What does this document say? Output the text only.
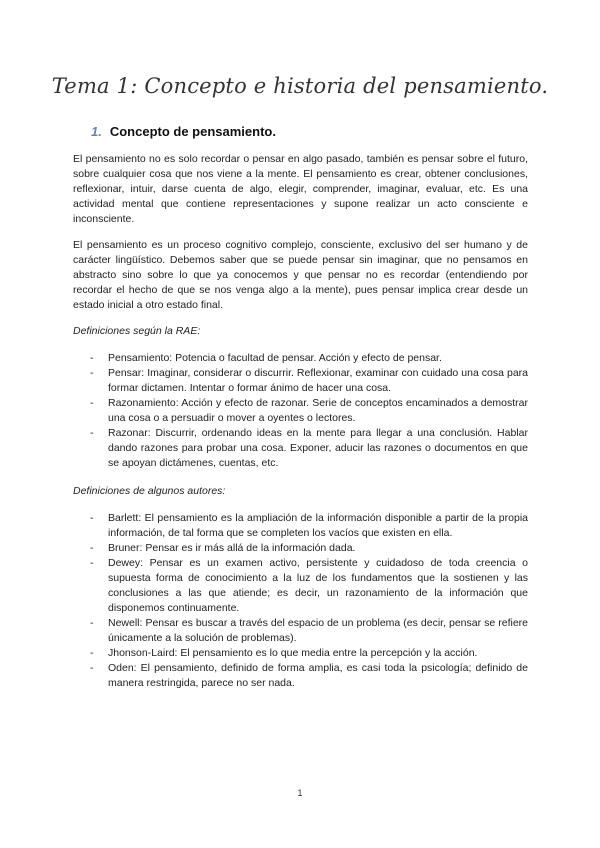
Tema 1: Concepto e historia del pensamiento.
1. Concepto de pensamiento.

El pensamiento no es solo recordar o pensar en algo pasado, también es pensar sobre el futuro, sobre cualquier cosa que nos viene a la mente. El pensamiento es crear, obtener conclusiones, reflexionar, intuir, darse cuenta de algo, elegir, comprender, imaginar, evaluar, etc. Es una actividad mental que contiene representaciones y supone realizar un acto consciente e inconsciente.

El pensamiento es un proceso cognitivo complejo, consciente, exclusivo del ser humano y de carácter lingüístico. Debemos saber que se puede pensar sin imaginar, que no pensamos en abstracto sino sobre lo que ya conocemos y que pensar no es recordar (entendiendo por recordar el hecho de que se nos venga algo a la mente), pues pensar implica crear desde un estado inicial a otro estado final.

Definiciones según la RAE:
- Pensamiento: Potencia o facultad de pensar. Acción y efecto de pensar.
- Pensar: Imaginar, considerar o discurrir. Reflexionar, examinar con cuidado una cosa para formar dictamen. Intentar o formar ánimo de hacer una cosa.
- Razonamiento: Acción y efecto de razonar. Serie de conceptos encaminados a demostrar una cosa o a persuadir o mover a oyentes o lectores.
- Razonar: Discurrir, ordenando ideas en la mente para llegar a una conclusión. Hablar dando razones para probar una cosa. Exponer, aducir las razones o documentos en que se apoyan dictámenes, cuentas, etc.
Definiciones de algunos autores:
- Barlett: El pensamiento es la ampliación de la información disponible a partir de la propia información, de tal forma que se completen los vacíos que existen en ella.
- Bruner: Pensar es ir más allá de la información dada.
- Dewey: Pensar es un examen activo, persistente y cuidadoso de toda creencia o supuesta forma de conocimiento a la luz de los fundamentos que la sostienen y las conclusiones a las que atiende; es decir, un razonamiento de la información que disponemos continuamente.
- Newell: Pensar es buscar a través del espacio de un problema (es decir, pensar se refiere únicamente a la solución de problemas).
- Jhonson-Laird: El pensamiento es lo que media entre la percepción y la acción.
- Oden: El pensamiento, definido de forma amplia, es casi toda la psicología; definido de manera restringida, parece no ser nada.
1
